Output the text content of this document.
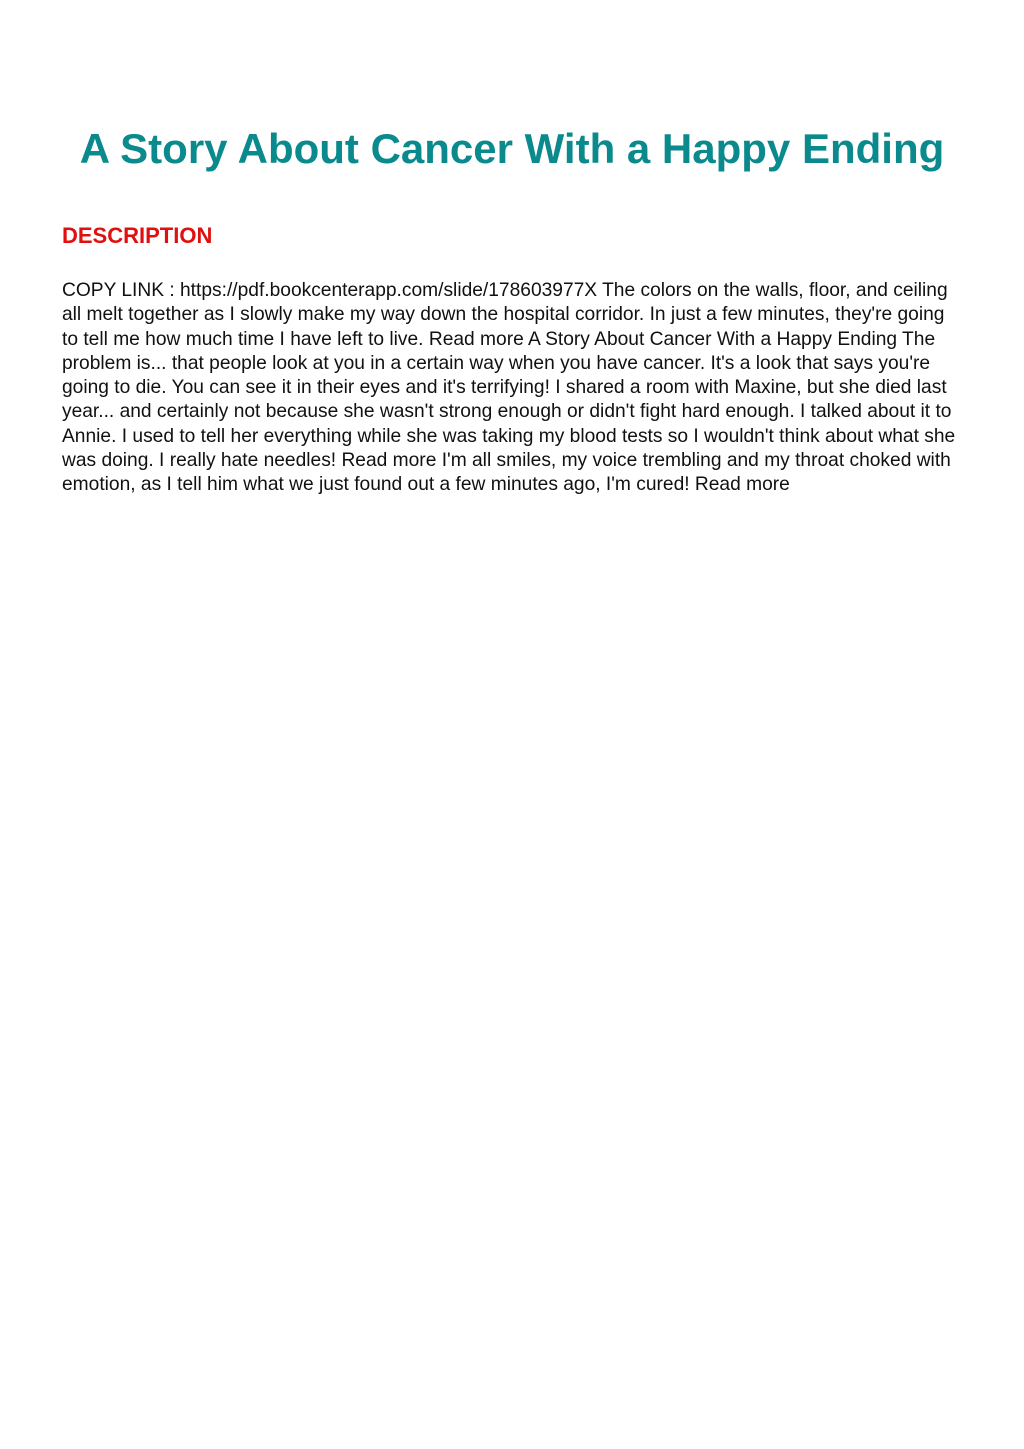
A Story About Cancer With a Happy Ending
DESCRIPTION

COPY LINK : https://pdf.bookcenterapp.com/slide/178603977X The colors on the walls, floor, and ceiling all melt together as I slowly make my way down the hospital corridor. In just a few minutes, they're going to tell me how much time I have left to live. Read more A Story About Cancer With a Happy Ending The problem is... that people look at you in a certain way when you have cancer. It's a look that says you're going to die. You can see it in their eyes and it's terrifying! I shared a room with Maxine, but she died last year... and certainly not because she wasn't strong enough or didn't fight hard enough. I talked about it to Annie. I used to tell her everything while she was taking my blood tests so I wouldn't think about what she was doing. I really hate needles! Read more I'm all smiles, my voice trembling and my throat choked with emotion, as I tell him what we just found out a few minutes ago, I'm cured! Read more
